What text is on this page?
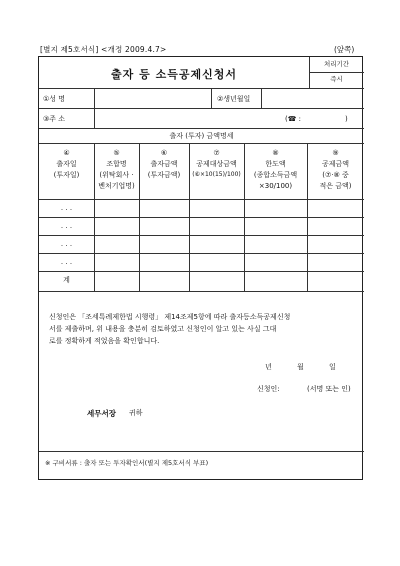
[별지 제5호서식] <개정 2009.4.7>	(앞쪽)
출자 등 소득공제신청서
처리기간
즉시
①성 명	②생년월일
③주 소	(☎ :	)
출자 (투자) 금액명세
④
출자일
(투자일)
⑤
조합명
(위탁회사 ·
벤처기업명)
⑥
출자금액
(투자금액)
⑦
공제대상금액
(⑥×10(15)/100)
⑧
한도액
(종합소득금액
×30/100)
⑨
공제금액
(⑦·⑧ 중
적은 금액)
. . .
. . .
. . .
. . .
계
신청인은 「조세특례제한법 시행령」 제14조제5항에 따라 출자등소득공제신청
서를 제출하며, 위 내용을 충분히 검토하였고 신청인이 알고 있는 사실 그대
로를 정확하게 적었음을 확인합니다.
년	월	일
신청인:	(서명 또는 인)
세무서장 귀하
※ 구비서류 : 출자 또는 투자확인서(별지 제5호서식 부표)
